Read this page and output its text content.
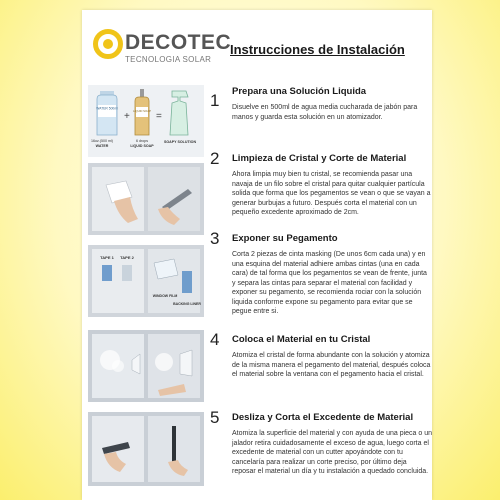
DECOTEC
TECNOLOGIA SOLAR
Instrucciones de Instalación
WATER 500ml
+ LIQUID SOAP =
16oz.(500 ml)
WATER
6 drops
LIQUID SOAP
SOAPY SOLUTION
1 Prepara una Solución Liquida
Disuelve en 500ml de agua media cucharada de jabón para manos y guarda esta solución en un atomizador.
2 Limpieza de Cristal y Corte de Material
Ahora limpia muy bien tu cristal, se recomienda pasar una navaja de un filo sobre el cristal para quitar cualquier partícula solida que forma que los pegamentos se vean o que se vayan a generar burbujas a futuro. Después corta el material con un pequeño excedente aproximado de 2cm.
TAPE 1 TAPE 2
WINDOW FILM
BACKING LINER
3 Exponer su Pegamento
Corta 2 piezas de cinta masking (De unos 6cm cada una) y en una esquina del material adhiere ambas cintas (una en cada cara) de tal forma que los pegamentos se vean de frente, junta y separa las cintas para separar el material con facilidad y exponer su pegamento, se recomienda rociar con la solución liquida conforme expone su pegamento para evitar que se pegue entre si.
4 Coloca el Material en tu Cristal
Atomiza el cristal de forma abundante con la solución y atomiza de la misma manera el pegamento del material, después coloca el material sobre la ventana con el pegamento hacia el cristal.
5 Desliza y Corta el Excedente de Material
Atomiza la superficie del material y con ayuda de una pieca o un jalador retira cuidadosamente el exceso de agua, luego corta el excedente de material con un cutter apoyándote con tu cancelaría para realizar un corte preciso, por último deja reposar el material un día y tu instalación a quedado concluida.
